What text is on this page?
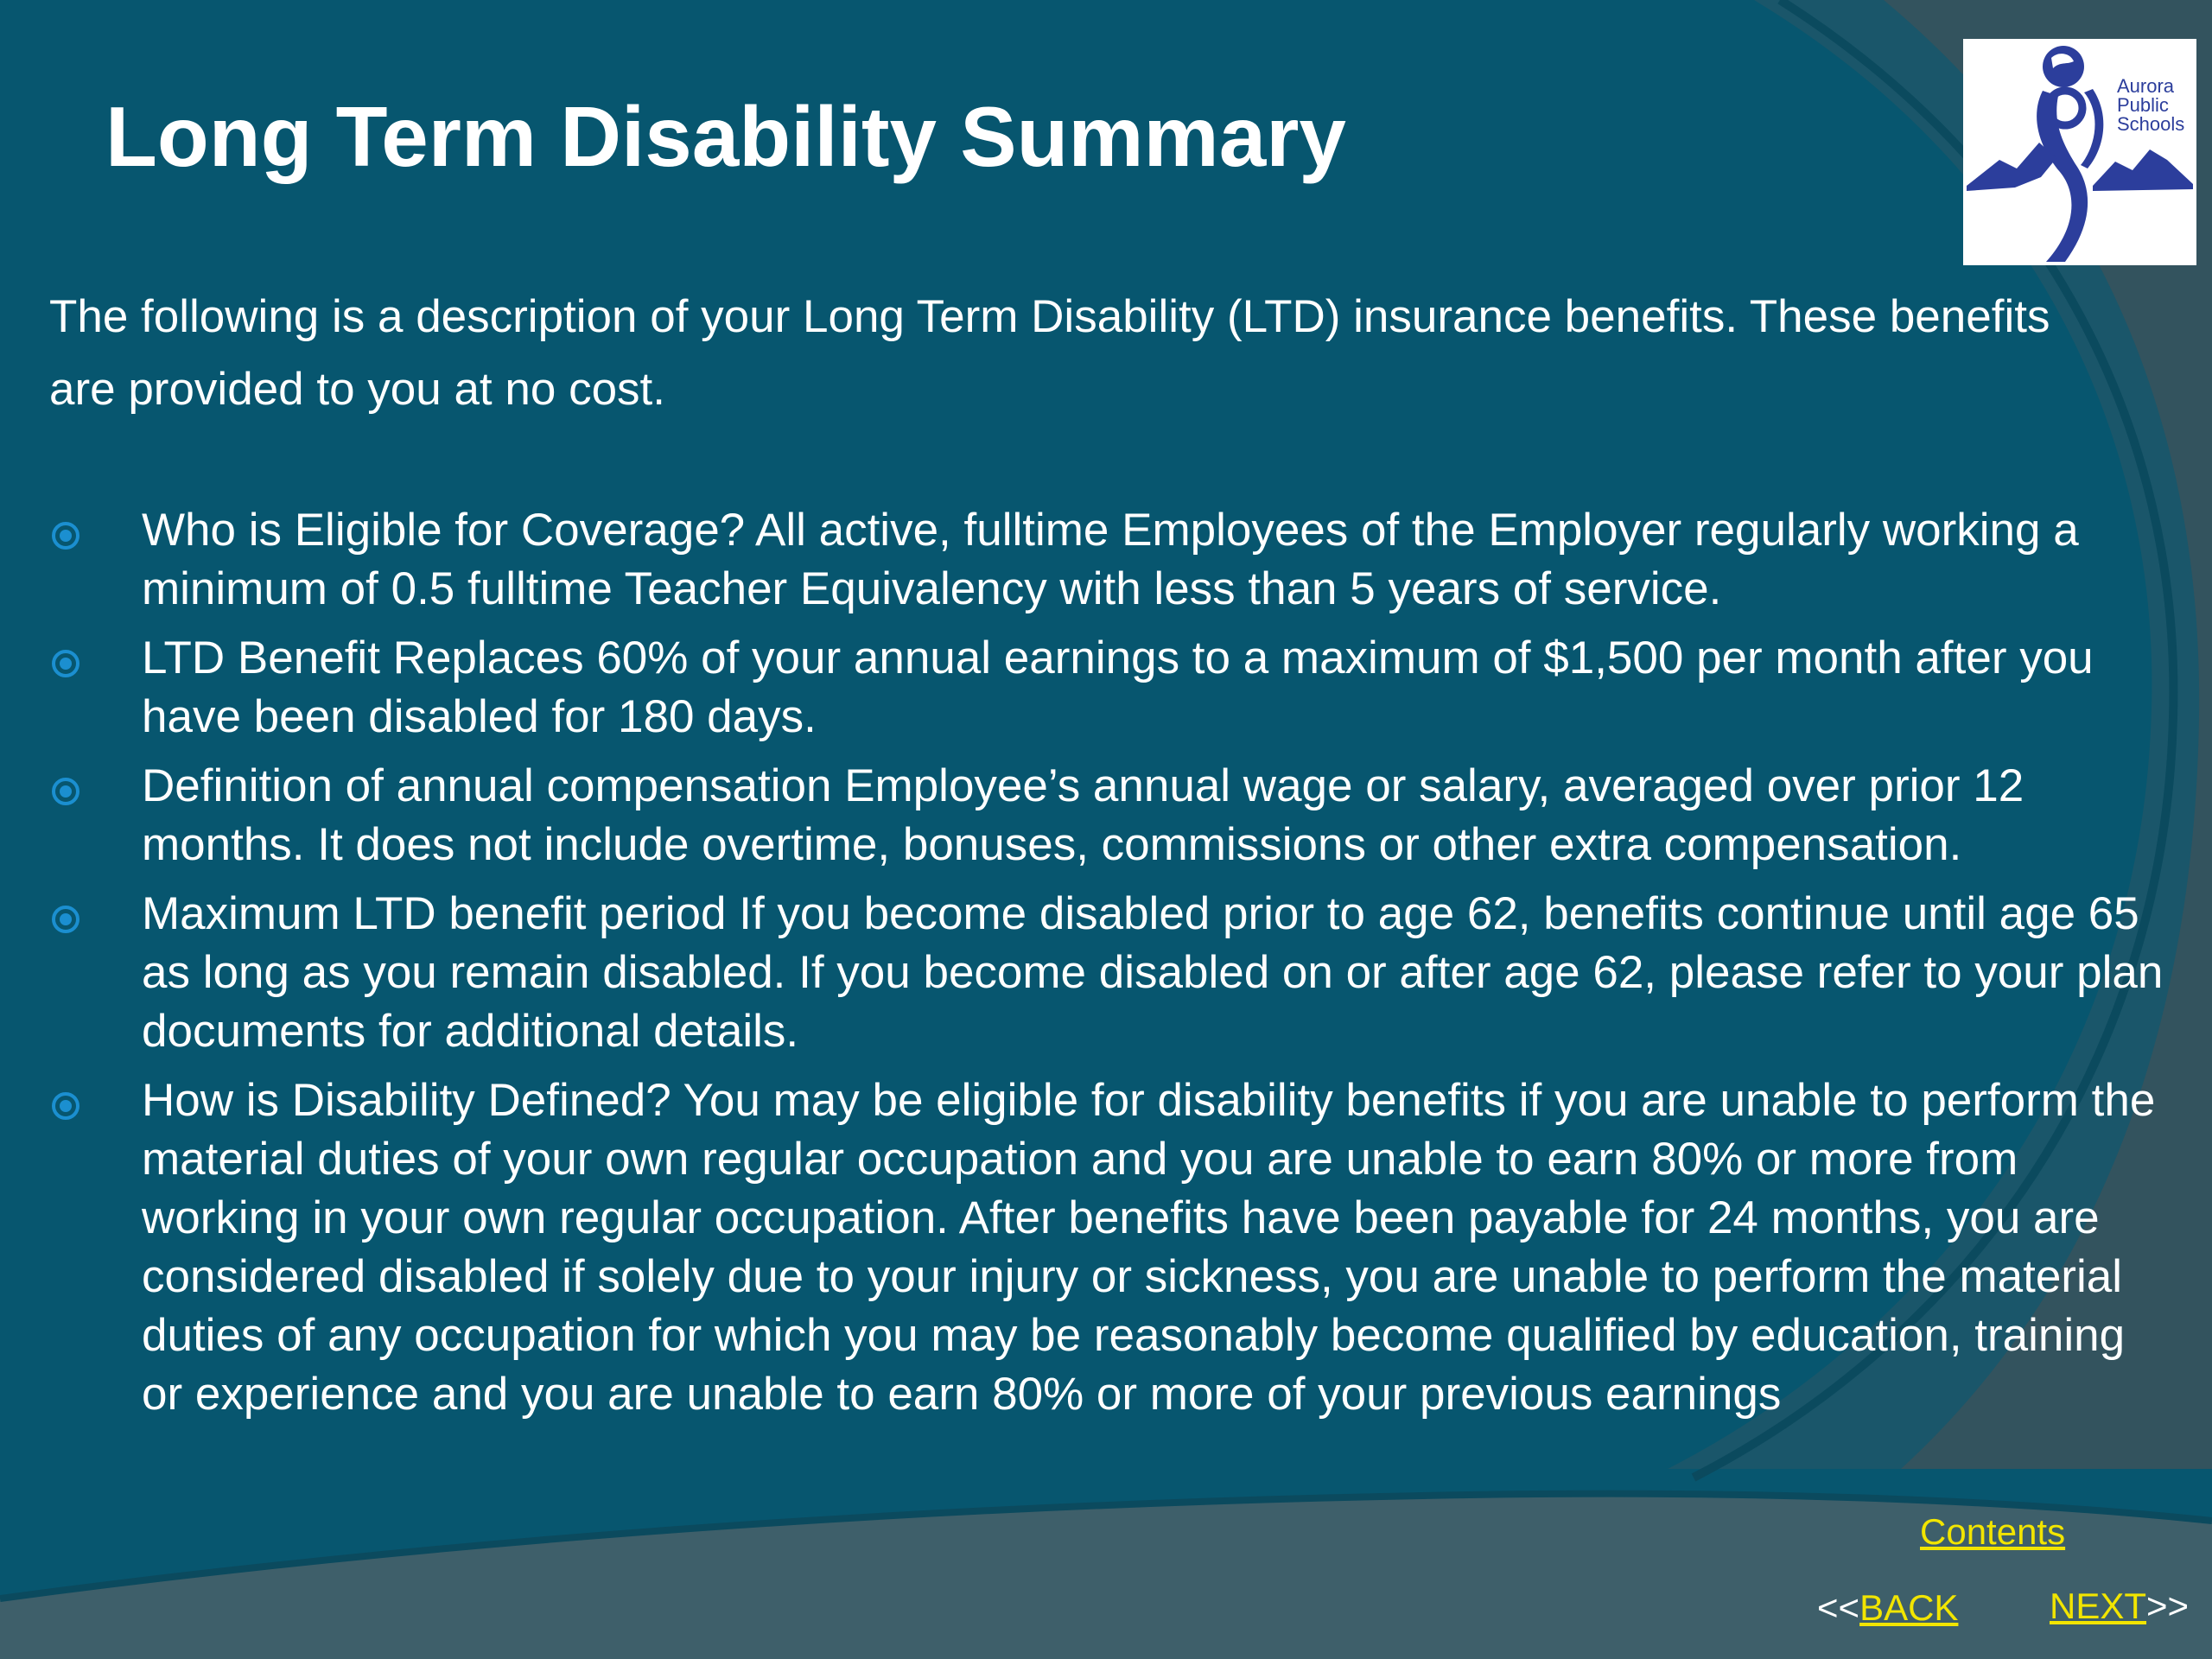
Long Term Disability Summary
Aurora
Public
Schools

The following is a description of your Long Term Disability (LTD) insurance benefits. These benefits are provided to you at no cost.

Who is Eligible for Coverage? All active, fulltime Employees of the Employer regularly working a minimum of 0.5 fulltime Teacher Equivalency with less than 5 years of service.
LTD Benefit Replaces 60% of your annual earnings to a maximum of $1,500 per month after you have been disabled for 180 days.
Definition of annual compensation Employee’s annual wage or salary, averaged over prior 12 months. It does not include overtime, bonuses, commissions or other extra compensation.
Maximum LTD benefit period If you become disabled prior to age 62, benefits continue until age 65 as long as you remain disabled. If you become disabled on or after age 62, please refer to your plan documents for additional details.
How is Disability Defined? You may be eligible for disability benefits if you are unable to perform the material duties of your own regular occupation and you are unable to earn 80% or more from working in your own regular occupation. After benefits have been payable for 24 months, you are considered disabled if solely due to your injury or sickness, you are unable to perform the material duties of any occupation for which you may be reasonably become qualified by education, training or experience and you are unable to earn 80% or more of your previous earnings
Contents
<<BACK	NEXT>>
